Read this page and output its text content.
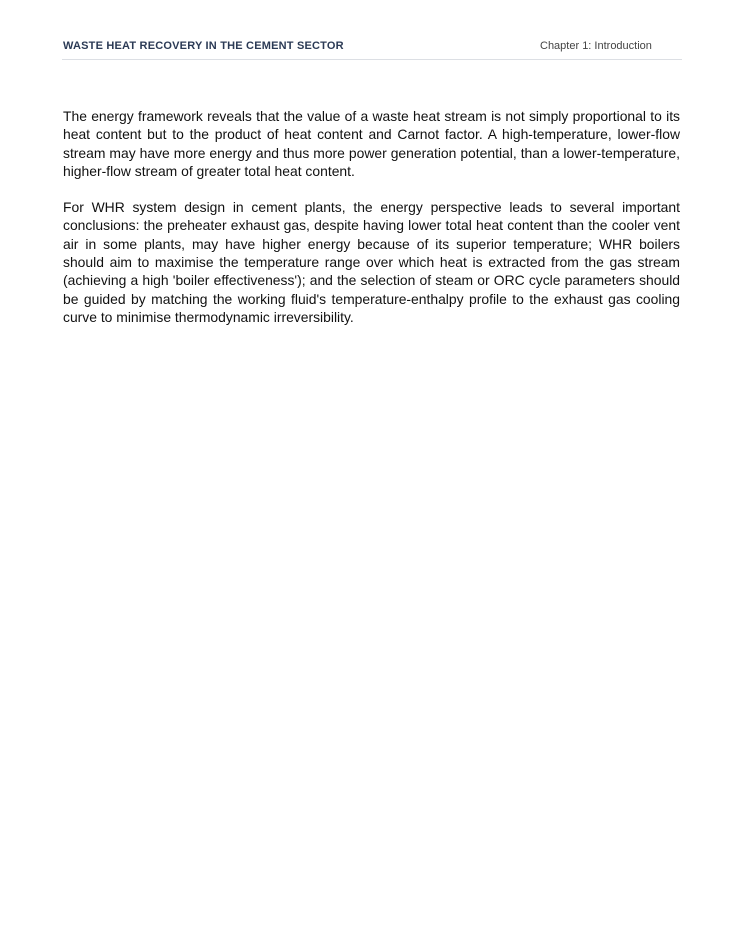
WASTE HEAT RECOVERY IN THE CEMENT SECTOR	Chapter 1: Introduction

The energy framework reveals that the value of a waste heat stream is not simply proportional to its heat content but to the product of heat content and Carnot factor. A high-temperature, lower-flow stream may have more energy and thus more power generation potential, than a lower-temperature, higher-flow stream of greater total heat content.

For WHR system design in cement plants, the energy perspective leads to several important conclusions: the preheater exhaust gas, despite having lower total heat content than the cooler vent air in some plants, may have higher energy because of its superior temperature; WHR boilers should aim to maximise the temperature range over which heat is extracted from the gas stream (achieving a high 'boiler effectiveness'); and the selection of steam or ORC cycle parameters should be guided by matching the working fluid's temperature-enthalpy profile to the exhaust gas cooling curve to minimise thermodynamic irreversibility.
